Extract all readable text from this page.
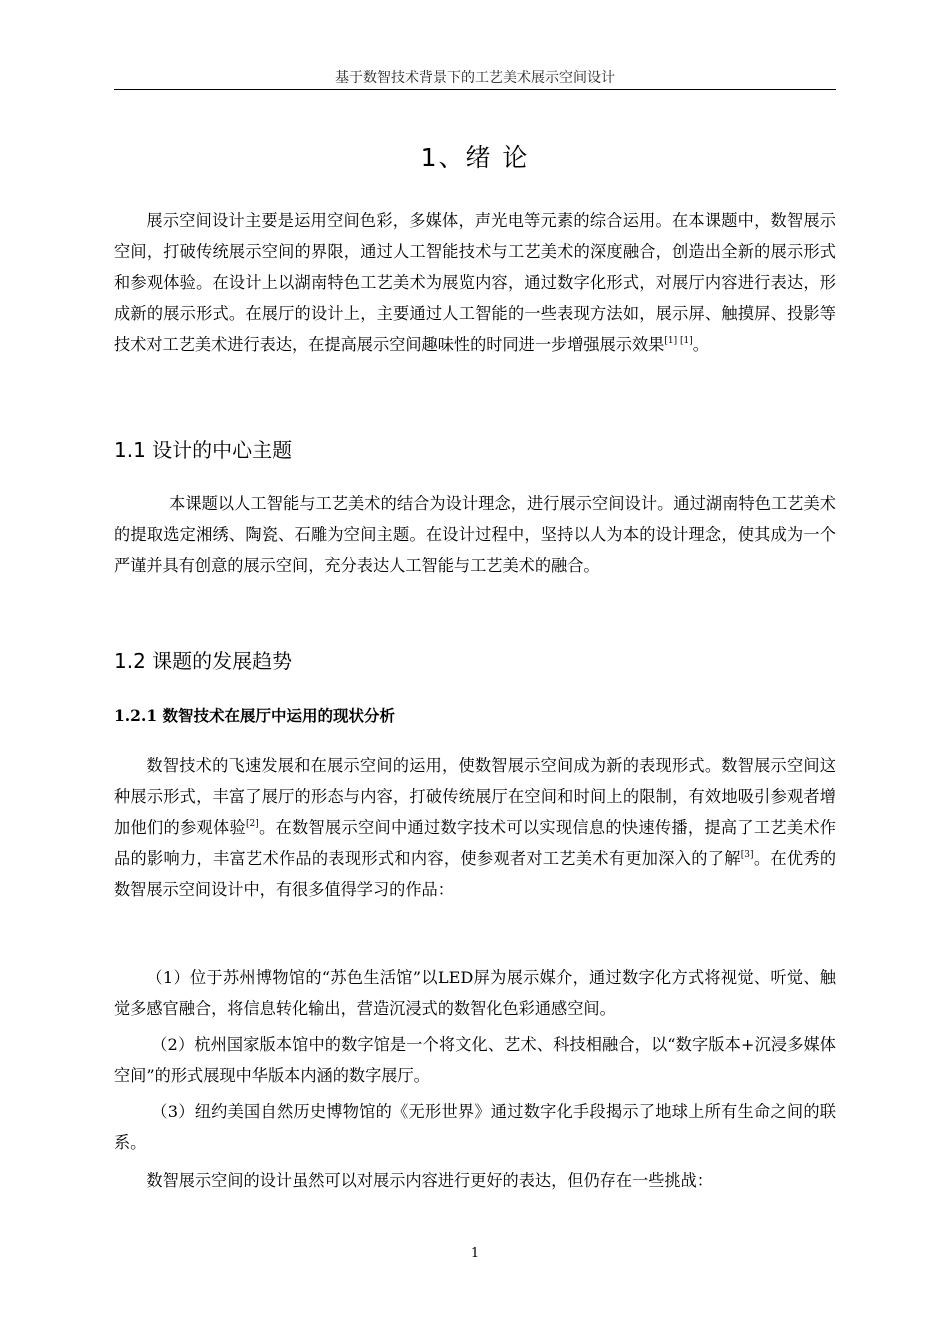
基于数智技术背景下的工艺美术展示空间设计
1、绪 论

展示空间设计主要是运用空间色彩，多媒体，声光电等元素的综合运用。在本课题中，数智展示空间，打破传统展示空间的界限，通过人工智能技术与工艺美术的深度融合，创造出全新的展示形式和参观体验。在设计上以湖南特色工艺美术为展览内容，通过数字化形式，对展厅内容进行表达，形成新的展示形式。在展厅的设计上，主要通过人工智能的一些表现方法如，展示屏、触摸屏、投影等技术对工艺美术进行表达，在提高展示空间趣味性的时同进一步增强展示效果[1] [1]。

1.1 设计的中心主题

本课题以人工智能与工艺美术的结合为设计理念，进行展示空间设计。通过湖南特色工艺美术的提取选定湘绣、陶瓷、石雕为空间主题。在设计过程中，坚持以人为本的设计理念，使其成为一个严谨并具有创意的展示空间，充分表达人工智能与工艺美术的融合。

1.2 课题的发展趋势
1.2.1 数智技术在展厅中运用的现状分析

数智技术的飞速发展和在展示空间的运用，使数智展示空间成为新的表现形式。数智展示空间这种展示形式，丰富了展厅的形态与内容，打破传统展厅在空间和时间上的限制，有效地吸引参观者增加他们的参观体验[2]。在数智展示空间中通过数字技术可以实现信息的快速传播，提高了工艺美术作品的影响力，丰富艺术作品的表现形式和内容，使参观者对工艺美术有更加深入的了解[3]。在优秀的数智展示空间设计中，有很多值得学习的作品：

（1）位于苏州博物馆的“苏色生活馆”以LED屏为展示媒介，通过数字化方式将视觉、听觉、触觉多感官融合，将信息转化输出，营造沉浸式的数智化色彩通感空间。

（2）杭州国家版本馆中的数字馆是一个将文化、艺术、科技相融合，以“数字版本+沉浸多媒体空间”的形式展现中华版本内涵的数字展厅。

（3）纽约美国自然历史博物馆的《无形世界》通过数字化手段揭示了地球上所有生命之间的联系。

数智展示空间的设计虽然可以对展示内容进行更好的表达，但仍存在一些挑战：

1
